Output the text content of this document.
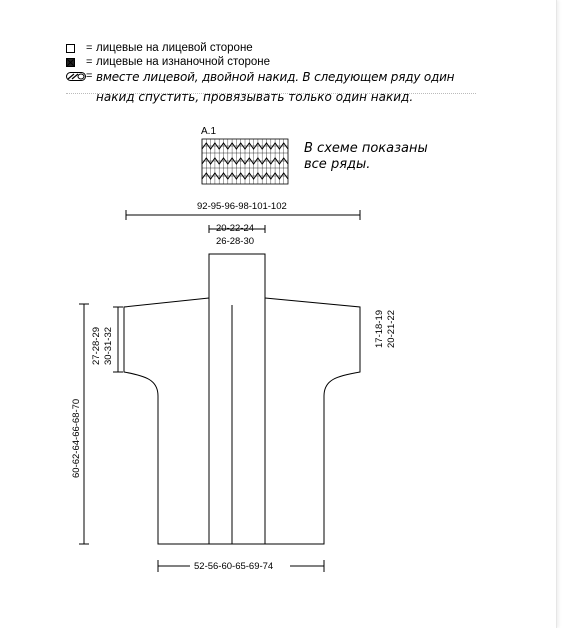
= лицевые на лицевой стороне
= лицевые на изнаночной стороне
= вместе лицевой, двойной накид. В следующем ряду один
накид спустить, провязывать только один накид.
A.1
В схеме показаны
все ряды.
92-95-96-98-101-102
20-22-24
26-28-30
27-28-29 30-31-32	17-18-19 20-21-22
60-62-64-66-68-70
52-56-60-65-69-74
